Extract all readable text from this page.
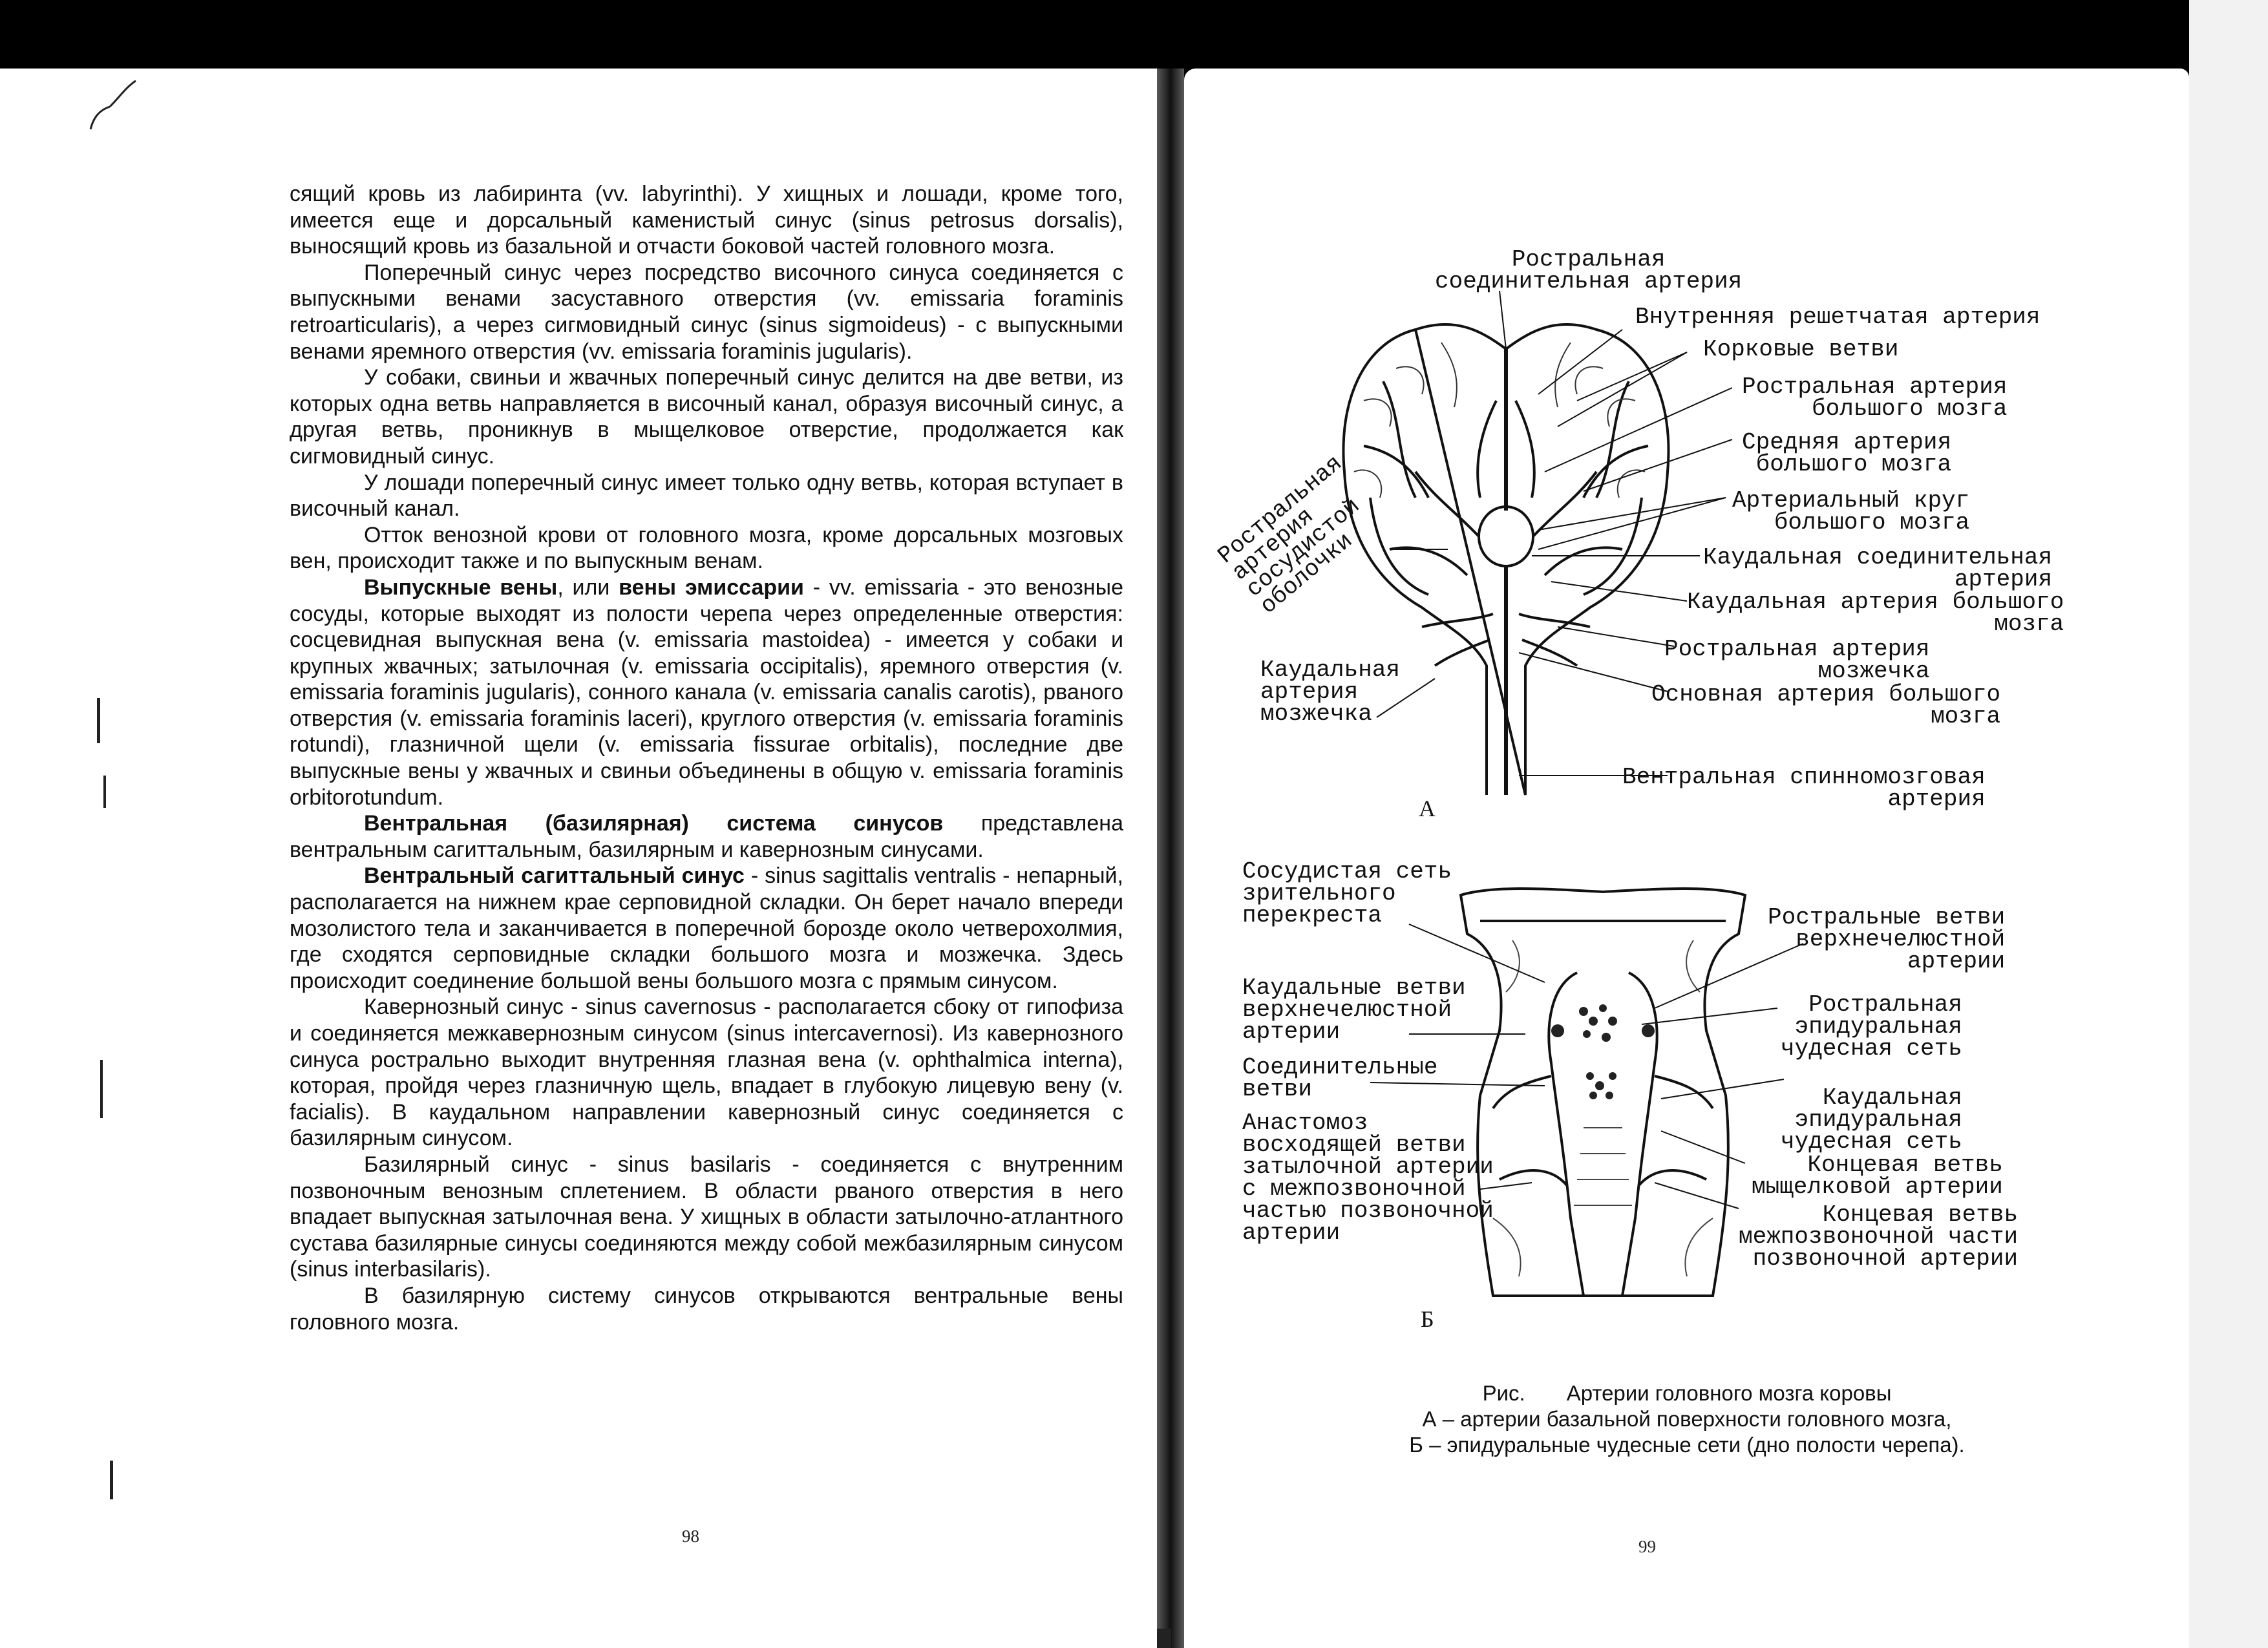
сящий кровь из лабиринта (vv. labyrinthi). У хищных и лошади, кроме того, имеется еще и дорсальный каменистый синус (sinus petrosus dorsalis), выносящий кровь из базальной и отчасти боковой частей головного мозга.

Поперечный синус через посредство височного синуса соединяется с выпускными венами засуставного отверстия (vv. emissaria foraminis retroarticularis), а через сигмовидный синус (sinus sigmoideus) - с выпускными венами яремного отверстия (vv. emissaria foraminis jugularis).

У собаки, свиньи и жвачных поперечный синус делится на две ветви, из которых одна ветвь направляется в височный канал, образуя височный синус, а другая ветвь, проникнув в мыщелковое отверстие, продолжается как сигмовидный синус.

У лошади поперечный синус имеет только одну ветвь, которая вступает в височный канал.

Отток венозной крови от головного мозга, кроме дорсальных мозговых вен, происходит также и по выпускным венам.

Выпускные вены, или вены эмиссарии - vv. emissaria - это венозные сосуды, которые выходят из полости черепа через определенные отверстия: сосцевидная выпускная вена (v. emissaria mastoidea) - имеется у собаки и крупных жвачных; затылочная (v. emissaria occipitalis), яремного отверстия (v. emissaria foraminis jugularis), сонного канала (v. emissaria canalis carotis), рваного отверстия (v. emissaria foraminis laceri), круглого отверстия (v. emissaria foraminis rotundi), глазничной щели (v. emissaria fissurae orbitalis), последние две выпускные вены у жвачных и свиньи объединены в общую v. emissaria foraminis orbitorotundum.

Вентральная (базилярная) система синусов представлена вентральным сагиттальным, базилярным и кавернозным синусами.

Вентральный сагиттальный синус - sinus sagittalis ventralis - непарный, располагается на нижнем крае серповидной складки. Он берет начало впереди мозолистого тела и заканчивается в поперечной борозде около четверохолмия, где сходятся серповидные складки большого мозга и мозжечка. Здесь происходит соединение большой вены большого мозга с прямым синусом.

Кавернозный синус - sinus cavernosus - располагается сбоку от гипофиза и соединяется межкавернозным синусом (sinus intercavernosi). Из кавернозного синуса рострально выходит внутренняя глазная вена (v. ophthalmica interna), которая, пройдя через глазничную щель, впадает в глубокую лицевую вену (v. facialis). В каудальном направлении кавернозный синус соединяется с базилярным синусом.

Базилярный синус - sinus basilaris - соединяется с внутренним позвоночным венозным сплетением. В области рваного отверстия в него впадает выпускная затылочная вена. У хищных в области затылочно-атлантного сустава базилярные синусы соединяются между собой межбазилярным синусом (sinus interbasilaris).

В базилярную систему синусов открываются вентральные вены головного мозга.

98
Ростральная
соединительная артерия
Внутренняя решетчатая артерия
Корковые ветви
Ростральная артерия
большого мозга
Средняя артерия
большого мозга
Артериальный круг
большого мозга
Каудальная соединительная
артерия
Каудальная артерия большого
мозга
Ростральная артерия
мозжечка
Основная артерия большого
мозга
Вентральная спинномозговая
артерия
Каудальная
артерия
мозжечка
Ростральная
артерия
сосудистой
оболочки
А
Сосудистая сеть
зрительного
перекреста
Каудальные ветви
верхнечелюстной
артерии
Соединительные
ветви
Анастомоз
восходящей ветви
затылочной артерии
с межпозвоночной
частью позвоночной
артерии
Ростральные ветви
верхнечелюстной
артерии
Ростральная
эпидуральная
чудесная сеть
Каудальная
эпидуральная
чудесная сеть
Концевая ветвь
мыщелковой артерии
Концевая ветвь
межпозвоночной части
позвоночной артерии
Б
Рис. Артерии головного мозга коровы
А – артерии базальной поверхности головного мозга,
Б – эпидуральные чудесные сети (дно полости черепа).
99
